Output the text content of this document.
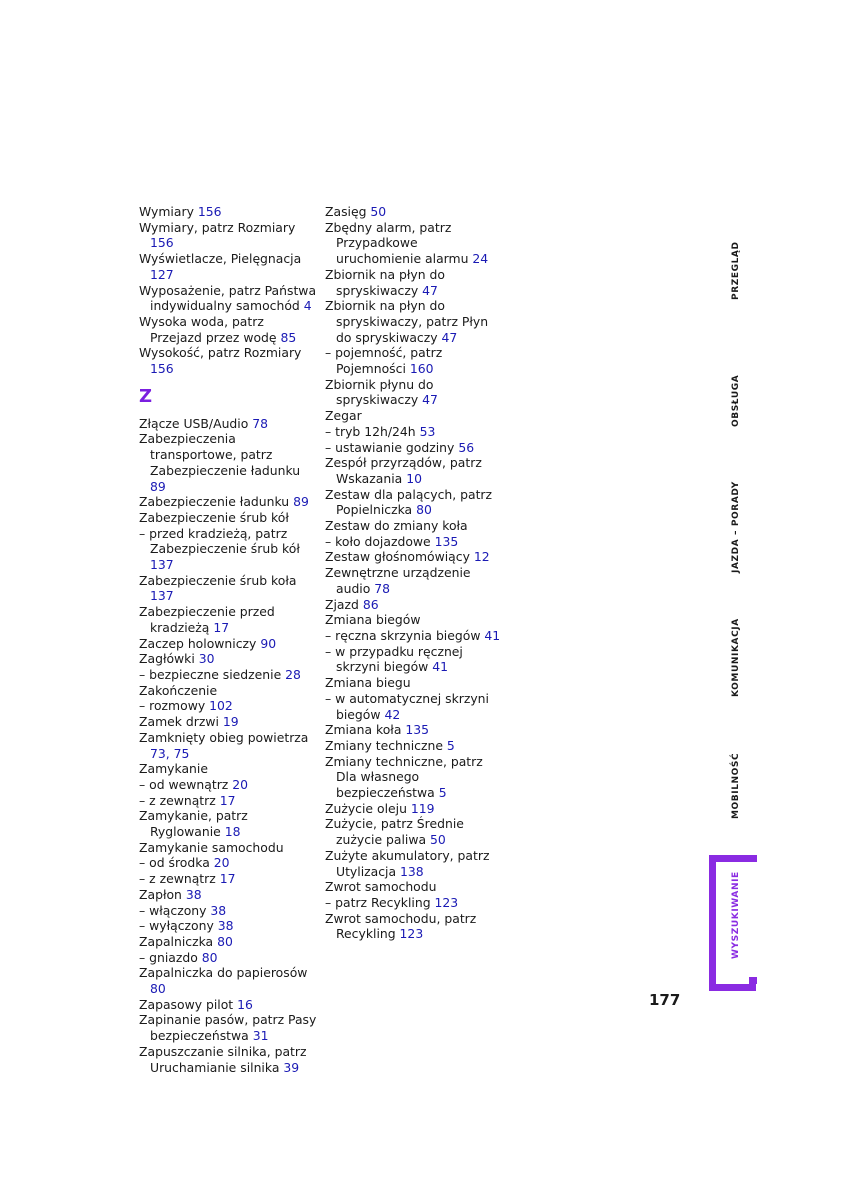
Wymiary 156
Wymiary, patrz Rozmiary 156
Wyświetlacze, Pielęgnacja 127
Wyposażenie, patrz Państwa indywidualny samochód 4
Wysoka woda, patrz Przejazd przez wodę 85
Wysokość, patrz Rozmiary 156
Z
Złącze USB/Audio 78
Zabezpieczenia transportowe, patrz Zabezpieczenie ładunku 89
Zabezpieczenie ładunku 89
Zabezpieczenie śrub kół
– przed kradzieżą, patrz Zabezpieczenie śrub kół 137
Zabezpieczenie śrub koła 137
Zabezpieczenie przed kradzieżą 17
Zaczep holowniczy 90
Zagłówki 30
– bezpieczne siedzenie 28
Zakończenie
– rozmowy 102
Zamek drzwi 19
Zamknięty obieg powietrza 73, 75
Zamykanie
– od wewnątrz 20
– z zewnątrz 17
Zamykanie, patrz Ryglowanie 18
Zamykanie samochodu
– od środka 20
– z zewnątrz 17
Zapłon 38
– włączony 38
– wyłączony 38
Zapalniczka 80
– gniazdo 80
Zapalniczka do papierosów 80
Zapasowy pilot 16
Zapinanie pasów, patrz Pasy bezpieczeństwa 31
Zapuszczanie silnika, patrz Uruchamianie silnika 39
Zasięg 50
Zbędny alarm, patrz Przypadkowe uruchomienie alarmu 24
Zbiornik na płyn do spryskiwaczy 47
Zbiornik na płyn do spryskiwaczy, patrz Płyn do spryskiwaczy 47
– pojemność, patrz Pojemności 160
Zbiornik płynu do spryskiwaczy 47
Zegar
– tryb 12h/24h 53
– ustawianie godziny 56
Zespół przyrządów, patrz Wskazania 10
Zestaw dla palących, patrz Popielniczka 80
Zestaw do zmiany koła
– koło dojazdowe 135
Zestaw głośnomówiący 12
Zewnętrzne urządzenie audio 78
Zjazd 86
Zmiana biegów
– ręczna skrzynia biegów 41
– w przypadku ręcznej skrzyni biegów 41
Zmiana biegu
– w automatycznej skrzyni biegów 42
Zmiana koła 135
Zmiany techniczne 5
Zmiany techniczne, patrz Dla własnego bezpieczeństwa 5
Zużycie oleju 119
Zużycie, patrz Średnie zużycie paliwa 50
Zużyte akumulatory, patrz Utylizacja 138
Zwrot samochodu
– patrz Recykling 123
Zwrot samochodu, patrz Recykling 123
PRZEGLĄD
OBSŁUGA
JAZDA – PORADY
KOMUNIKACJA
MOBILNOŚĆ
WYSZUKIWANIE
177
